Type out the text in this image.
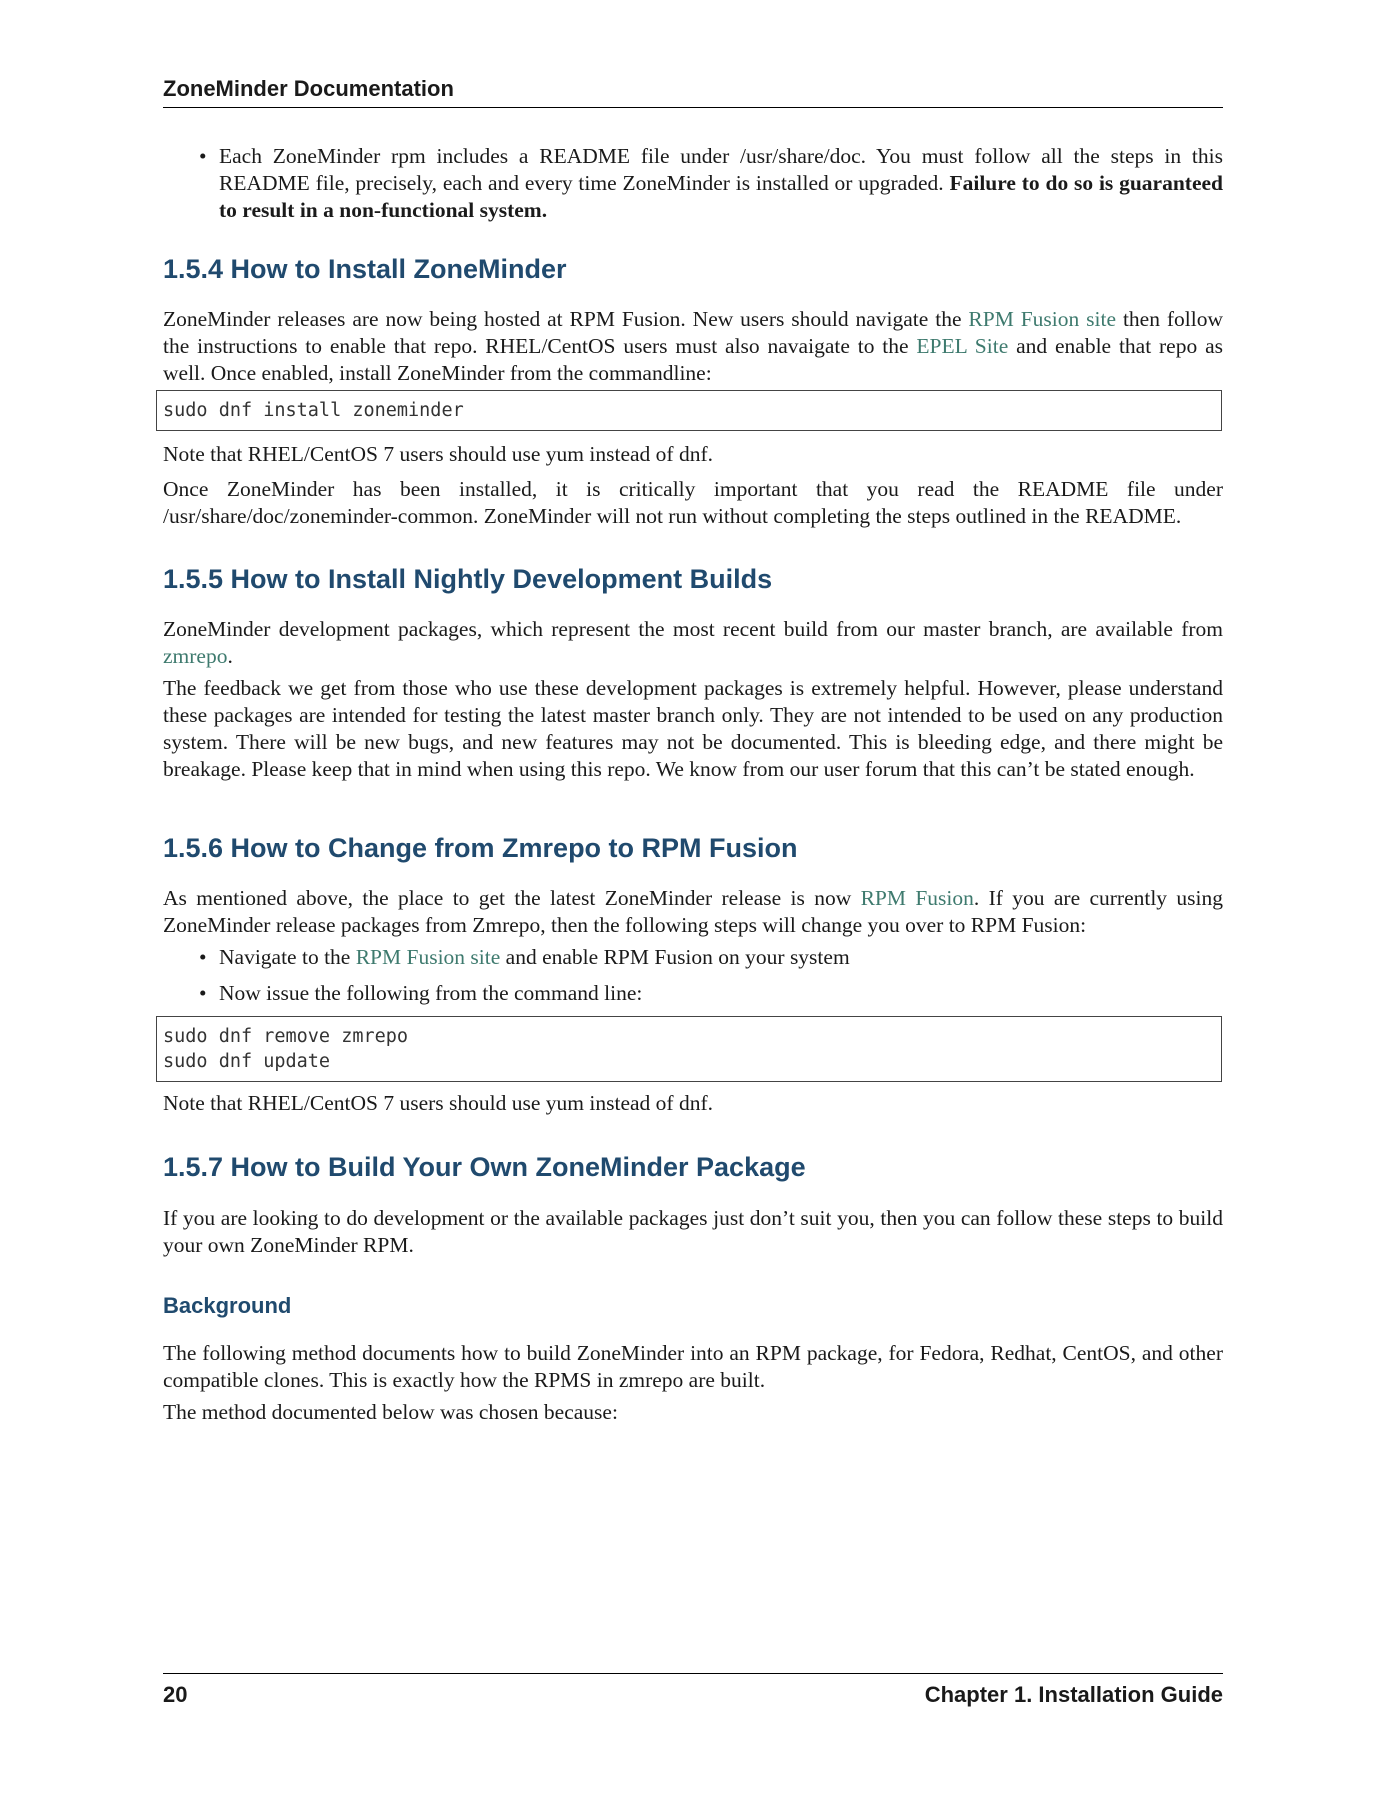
ZoneMinder Documentation
• Each ZoneMinder rpm includes a README file under /usr/share/doc. You must follow all the steps in this README file, precisely, each and every time ZoneMinder is installed or upgraded. Failure to do so is guaranteed to result in a non-functional system.
1.5.4 How to Install ZoneMinder

ZoneMinder releases are now being hosted at RPM Fusion. New users should navigate the RPM Fusion site then follow the instructions to enable that repo. RHEL/CentOS users must also navaigate to the EPEL Site and enable that repo as well. Once enabled, install ZoneMinder from the commandline:

sudo dnf install zoneminder

Note that RHEL/CentOS 7 users should use yum instead of dnf.

Once ZoneMinder has been installed, it is critically important that you read the README file under /usr/share/doc/zoneminder-common. ZoneMinder will not run without completing the steps outlined in the README.

1.5.5 How to Install Nightly Development Builds

ZoneMinder development packages, which represent the most recent build from our master branch, are available from zmrepo.

The feedback we get from those who use these development packages is extremely helpful. However, please understand these packages are intended for testing the latest master branch only. They are not intended to be used on any production system. There will be new bugs, and new features may not be documented. This is bleeding edge, and there might be breakage. Please keep that in mind when using this repo. We know from our user forum that this can’t be stated enough.

1.5.6 How to Change from Zmrepo to RPM Fusion

As mentioned above, the place to get the latest ZoneMinder release is now RPM Fusion. If you are currently using ZoneMinder release packages from Zmrepo, then the following steps will change you over to RPM Fusion:

• Navigate to the RPM Fusion site and enable RPM Fusion on your system
• Now issue the following from the command line:
sudo dnf remove zmrepo
sudo dnf update

Note that RHEL/CentOS 7 users should use yum instead of dnf.

1.5.7 How to Build Your Own ZoneMinder Package

If you are looking to do development or the available packages just don’t suit you, then you can follow these steps to build your own ZoneMinder RPM.

Background

The following method documents how to build ZoneMinder into an RPM package, for Fedora, Redhat, CentOS, and other compatible clones. This is exactly how the RPMS in zmrepo are built.

The method documented below was chosen because:

20	Chapter 1. Installation Guide
